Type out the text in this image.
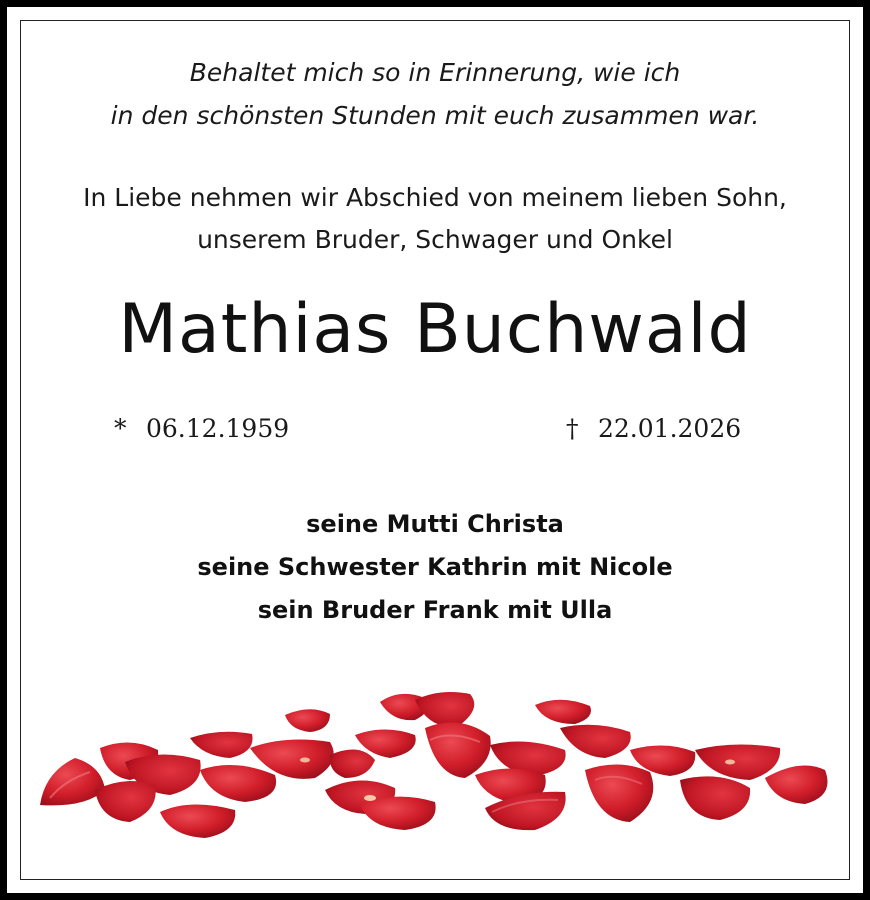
Behaltet mich so in Erinnerung, wie ich
in den schönsten Stunden mit euch zusammen war.
In Liebe nehmen wir Abschied von meinem lieben Sohn,
unserem Bruder, Schwager und Onkel
Mathias Buchwald
* 06.12.1959	† 22.01.2026
seine Mutti Christa
seine Schwester Kathrin mit Nicole
sein Bruder Frank mit Ulla
